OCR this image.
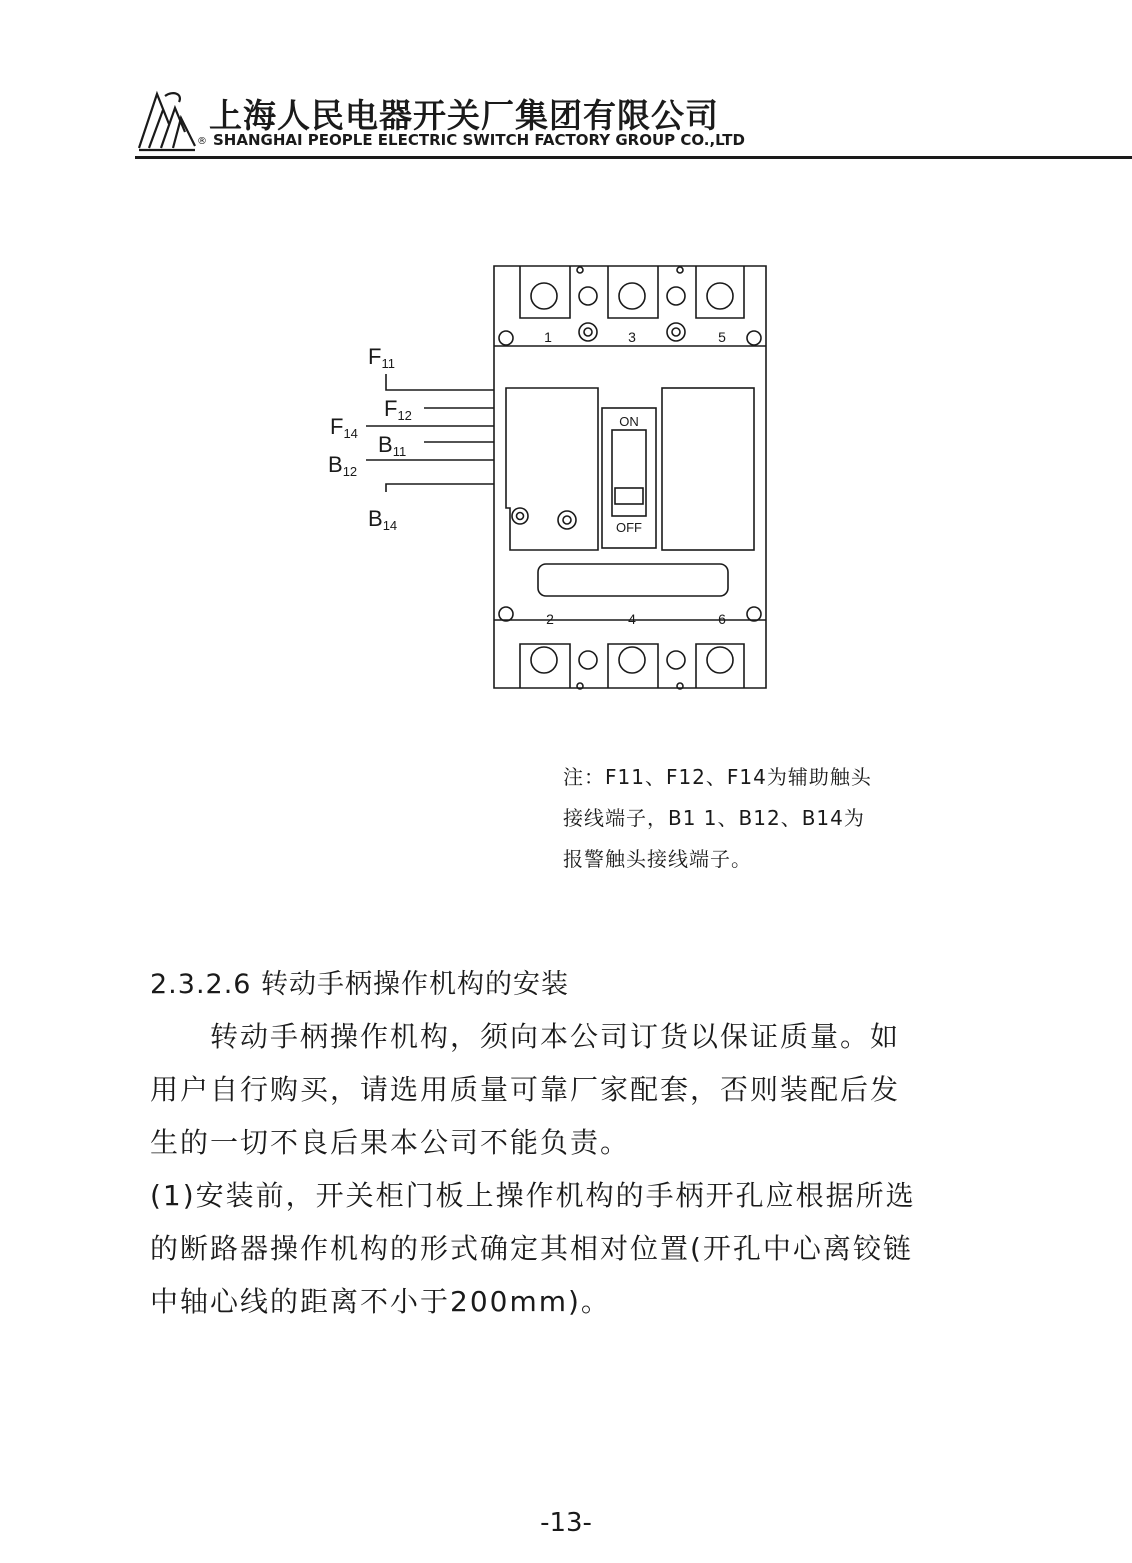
®
上海人民电器开关厂集团有限公司
SHANGHAI PEOPLE ELECTRIC SWITCH FACTORY GROUP CO.,LTD
1	3	5
2	4	6
ON
OFF
F11
F12
F14 B11
B12
B14
注：F11、F12、F14为辅助触头
接线端子，B1 1、B12、B14为
报警触头接线端子。
2.3.2.6 转动手柄操作机构的安装
　　转动手柄操作机构，须向本公司订货以保证质量。如
用户自行购买，请选用质量可靠厂家配套，否则装配后发
生的一切不良后果本公司不能负责。
(1)安装前，开关柜门板上操作机构的手柄开孔应根据所选
的断路器操作机构的形式确定其相对位置(开孔中心离铰链
中轴心线的距离不小于200mm)。
-13-
